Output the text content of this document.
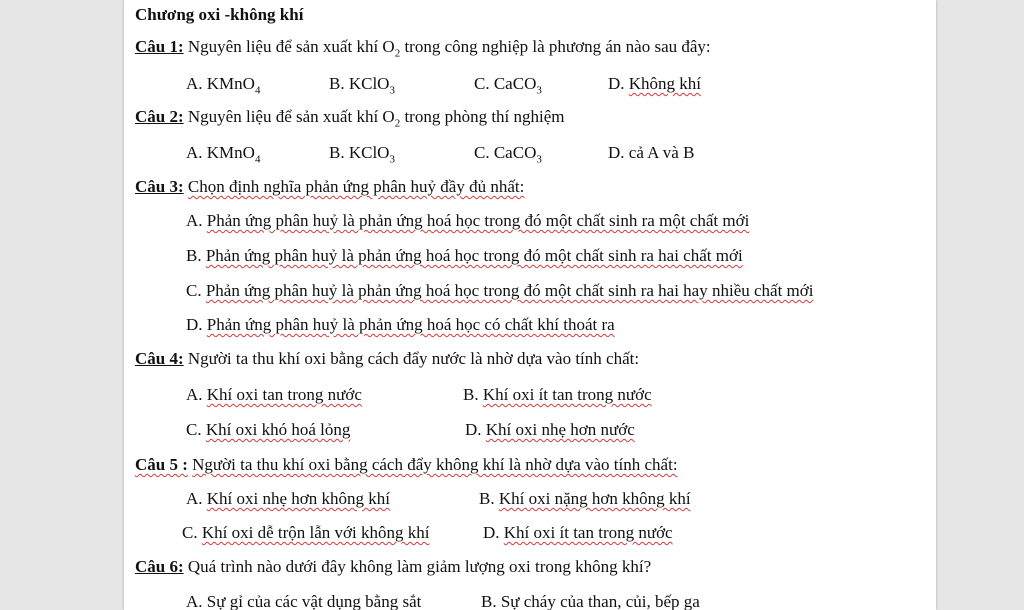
Chương oxi -không khí
Câu 1: Nguyên liệu để sản xuất khí $O_2$ trong công nghiệp là phương án nào sau đây:
A. KMnO$_4$	B. KClO$_3$	C. CaCO$_3$	D. Không khí
Câu 2: Nguyên liệu để sản xuất khí $O_2$ trong phòng thí nghiệm
A. KMnO$_4$	B. KClO$_3$	C. CaCO$_3$	D. cả A và B
Câu 3: Chọn định nghĩa phản ứng phân huỷ đầy đủ nhất:
A. Phản ứng phân huỷ là phản ứng hoá học trong đó một chất sinh ra một chất mới
B. Phản ứng phân huỷ là phản ứng hoá học trong đó một chất sinh ra hai chất mới
C. Phản ứng phân huỷ là phản ứng hoá học trong đó một chất sinh ra hai hay nhiều chất mới
D. Phản ứng phân huỷ là phản ứng hoá học có chất khí thoát ra
Câu 4: Người ta thu khí oxi bằng cách đẩy nước là nhờ dựa vào tính chất:
A. Khí oxi tan trong nước	B. Khí oxi ít tan trong nước
C. Khí oxi khó hoá lỏng	D. Khí oxi nhẹ hơn nước
Câu 5 : Người ta thu khí oxi bằng cách đẩy không khí là nhờ dựa vào tính chất:
A. Khí oxi nhẹ hơn không khí	B. Khí oxi nặng hơn không khí
C. Khí oxi dễ trộn lẫn với không khí	D. Khí oxi ít tan trong nước
Câu 6: Quá trình nào dưới đây không làm giảm lượng oxi trong không khí?
A. Sự gỉ của các vật dụng bằng sắt	B. Sự cháy của than, củi, bếp ga
